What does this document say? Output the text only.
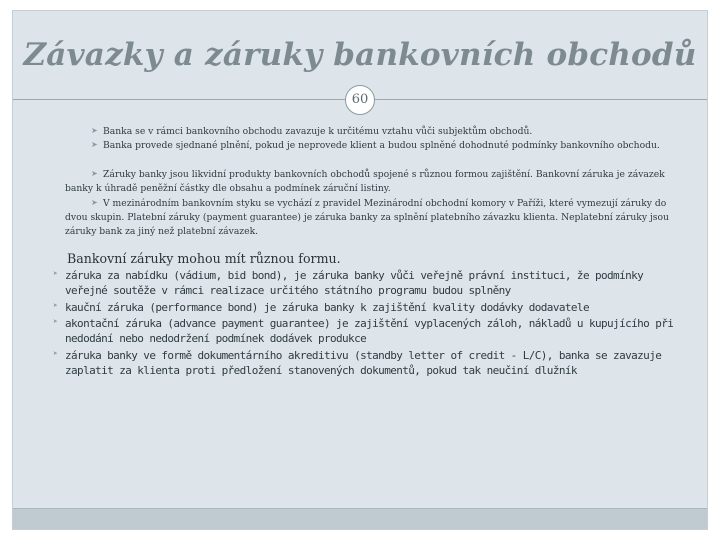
Závazky a záruky bankovních obchodů
60
➤ Banka se v rámci bankovního obchodu zavazuje k určitému vztahu vůči subjektům obchodů.
➤ Banka provede sjednané plnění, pokud je neprovede klient a budou splněné dohodnuté podmínky bankovního obchodu.
➤ Záruky banky jsou likvidní produkty bankovních obchodů spojené s různou formou zajištění. Bankovní záruka je závazek banky k úhradě peněžní částky dle obsahu a podmínek záruční listiny.
➤ V mezinárodním bankovním styku se vychází z pravidel Mezinárodní obchodní komory v Paříži, které vymezují záruky do dvou skupin. Platební záruky (payment guarantee) je záruka banky za splnění platebního závazku klienta. Neplatební záruky jsou záruky bank za jiný než platební závazek.
Bankovní záruky mohou mít různou formu.
➤ záruka za nabídku (vádium, bid bond), je záruka banky vůči veřejně právní instituci, že podmínky veřejné soutěže v rámci realizace určitého státního programu budou splněny
➤ kauční záruka (performance bond) je záruka banky k zajištění kvality dodávky dodavatele
➤ akontační záruka (advance payment guarantee) je zajištění vyplacených záloh, nákladů u kupujícího při nedodání nebo nedodržení podmínek dodávek produkce
➤ záruka banky ve formě dokumentárního akreditivu (standby letter of credit - L/C), banka se zavazuje zaplatit za klienta proti předložení stanovených dokumentů, pokud tak neučiní dlužník
